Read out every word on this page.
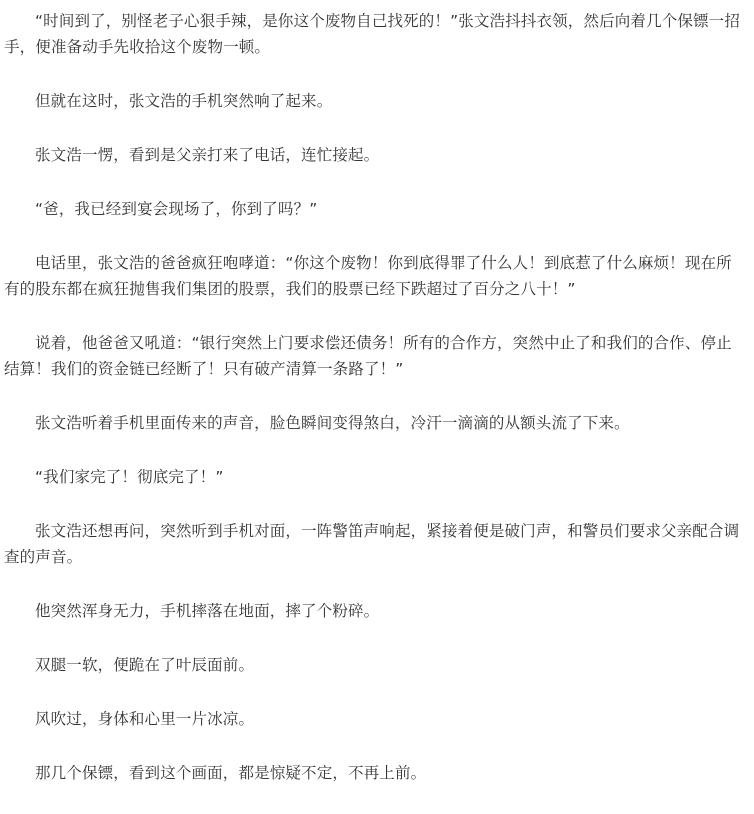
“时间到了，别怪老子心狠手辣，是你这个废物自己找死的！”张文浩抖抖衣领，然后向着几个保镖一招手，便准备动手先收拾这个废物一顿。

但就在这时，张文浩的手机突然响了起来。

张文浩一愣，看到是父亲打来了电话，连忙接起。

“爸，我已经到宴会现场了，你到了吗？”

电话里，张文浩的爸爸疯狂咆哮道：“你这个废物！你到底得罪了什么人！到底惹了什么麻烦！现在所有的股东都在疯狂抛售我们集团的股票，我们的股票已经下跌超过了百分之八十！”

说着，他爸爸又吼道：“银行突然上门要求偿还债务！所有的合作方，突然中止了和我们的合作、停止结算！我们的资金链已经断了！只有破产清算一条路了！”

张文浩听着手机里面传来的声音，脸色瞬间变得煞白，冷汗一滴滴的从额头流了下来。

“我们家完了！彻底完了！”

张文浩还想再问，突然听到手机对面，一阵警笛声响起，紧接着便是破门声，和警员们要求父亲配合调查的声音。

他突然浑身无力，手机摔落在地面，摔了个粉碎。

双腿一软，便跪在了叶辰面前。

风吹过，身体和心里一片冰凉。

那几个保镖，看到这个画面，都是惊疑不定，不再上前。
